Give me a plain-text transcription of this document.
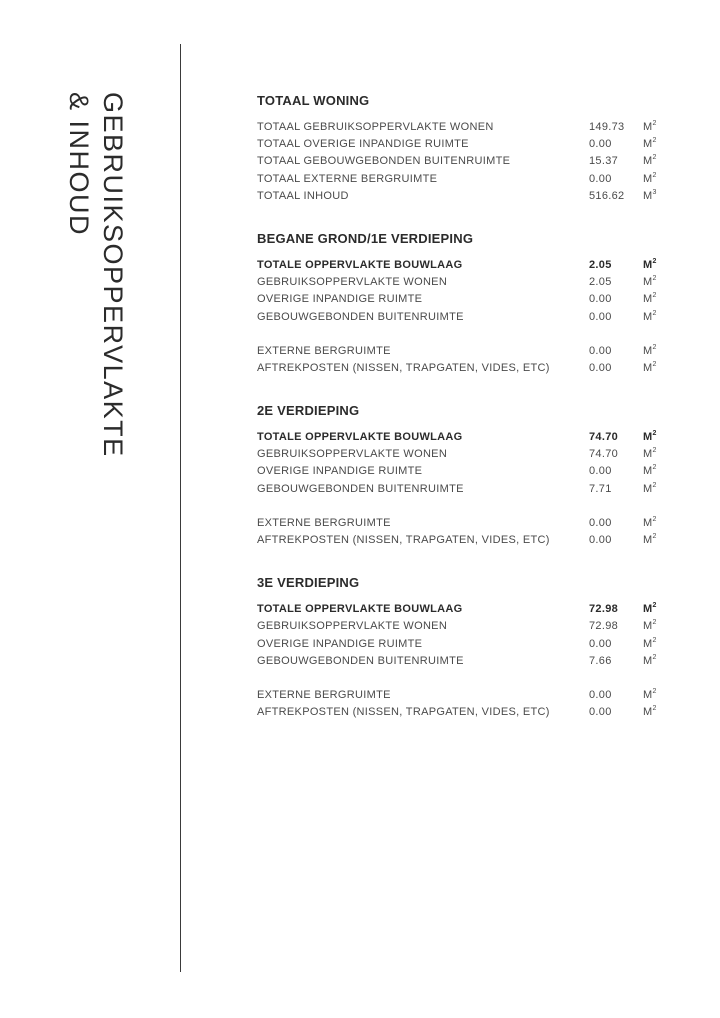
GEBRUIKSOPPERVLAKTE
& INHOUD	TOTAAL WONING
TOTAAL GEBRUIKSOPPERVLAKTE WONEN	149.73 $M^2$
TOTAAL OVERIGE INPANDIGE RUIMTE	0.00	$M^2$
TOTAAL GEBOUWGEBONDEN BUITENRUIMTE	15.37 $M^2$
TOTAAL EXTERNE BERGRUIMTE	0.00	$M^2$
TOTAAL INHOUD	516.62 $M^3$
BEGANE GROND/1E VERDIEPING
TOTALE OPPERVLAKTE BOUWLAAG	2.05	$M^2$
GEBRUIKSOPPERVLAKTE WONEN	2.05	$M^2$
OVERIGE INPANDIGE RUIMTE	0.00	$M^2$
GEBOUWGEBONDEN BUITENRUIMTE	0.00	$M^2$
EXTERNE BERGRUIMTE	0.00	$M^2$
AFTREKPOSTEN (NISSEN, TRAPGATEN, VIDES, ETC)	0.00	$M^2$
2E VERDIEPING
TOTALE OPPERVLAKTE BOUWLAAG	74.70 $M^2$
GEBRUIKSOPPERVLAKTE WONEN	74.70 $M^2$
OVERIGE INPANDIGE RUIMTE	0.00	$M^2$
GEBOUWGEBONDEN BUITENRUIMTE	7.71	$M^2$
EXTERNE BERGRUIMTE	0.00	$M^2$
AFTREKPOSTEN (NISSEN, TRAPGATEN, VIDES, ETC)	0.00	$M^2$
3E VERDIEPING
TOTALE OPPERVLAKTE BOUWLAAG	72.98 $M^2$
GEBRUIKSOPPERVLAKTE WONEN	72.98 $M^2$
OVERIGE INPANDIGE RUIMTE	0.00	$M^2$
GEBOUWGEBONDEN BUITENRUIMTE	7.66	$M^2$
EXTERNE BERGRUIMTE	0.00	$M^2$
AFTREKPOSTEN (NISSEN, TRAPGATEN, VIDES, ETC)	0.00	$M^2$
